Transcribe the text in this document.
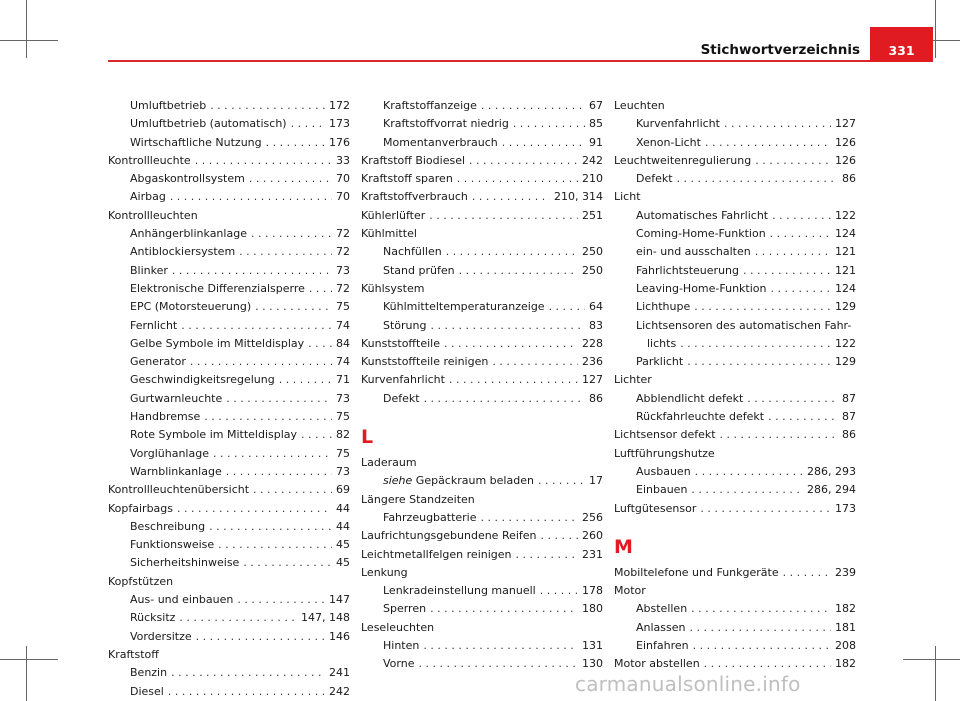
Stichwortverzeichnis	331
Umluftbetrieb . . .	172
Umluftbetrieb (automatisch) . . .	173
Wirtschaftliche Nutzung . . .	176
Kontrollleuchte . . .	33
Abgaskontrollsystem . . .	70
Airbag . . .	70
Kontrollleuchten
Anhängerblinkanlage . . .	72
Antiblockiersystem . . .	72
Blinker . . .	73
Elektronische Differenzialsperre . . .	72
EPC (Motorsteuerung) . . .	75
Fernlicht . . .	74
Gelbe Symbole im Mitteldisplay . . .	84
Generator . . .	74
Geschwindigkeitsregelung . . .	71
Gurtwarnleuchte . . .	73
Handbremse . . .	75
Rote Symbole im Mitteldisplay . . .	82
Vorglühanlage . . .	75
Warnblinkanlage . . .	73
Kontrollleuchtenübersicht . . .	69
Kopfairbags . . .	44
Beschreibung . . .	44
Funktionsweise . . .	45
Sicherheitshinweise . . .	45
Kopfstützen
Aus- und einbauen . . .	147
Rücksitz . . .	147, 148
Vordersitze . . .	146
Kraftstoff
Benzin . . .	241
Diesel . . .	242
Kraftstoffanzeige . . .	67
Kraftstoffvorrat niedrig . . .	85
Momentanverbrauch . . .	91
Kraftstoff Biodiesel . . .	242
Kraftstoff sparen . . .	210
Kraftstoffverbrauch . . .	210, 314
Kühlerlüfter . . .	251
Kühlmittel
Nachfüllen . . .	250
Stand prüfen . . .	250
Kühlsystem
Kühlmitteltemperaturanzeige . . .	64
Störung . . .	83
Kunststoffteile . . .	228
Kunststoffteile reinigen . . .	236
Kurvenfahrlicht . . .	127
Defekt . . .	86
L
Laderaum
siehe Gepäckraum beladen . . .	17
Längere Standzeiten
Fahrzeugbatterie . . .	256
Laufrichtungsgebundene Reifen . . .	260
Leichtmetallfelgen reinigen . . .	231
Lenkung
Lenkradeinstellung manuell . . .	178
Sperren . . .	180
Leseleuchten
Hinten . . .	131
Vorne . . .	130
Leuchten
Kurvenfahrlicht . . .	127
Xenon-Licht . . .	126
Leuchtweitenregulierung . . .	126
Defekt . . .	86
Licht
Automatisches Fahrlicht . . .	122
Coming-Home-Funktion . . .	124
ein- und ausschalten . . .	121
Fahrlichtsteuerung . . .	121
Leaving-Home-Funktion . . .	124
Lichthupe . . .	129
Lichtsensoren des automatischen Fahr-
lichts . . .	122
Parklicht . . .	129
Lichter
Abblendlicht defekt . . .	87
Rückfahrleuchte defekt . . .	87
Lichtsensor defekt . . .	86
Luftführungshutze
Ausbauen . . .	286, 293
Einbauen . . .	286, 294
Luftgütesensor . . .	173
M
Mobiltelefone und Funkgeräte . . .	239
Motor
Abstellen . . .	182
Anlassen . . .	181
Einfahren . . .	208
Motor abstellen . . .	182
carmanualsonline.info
